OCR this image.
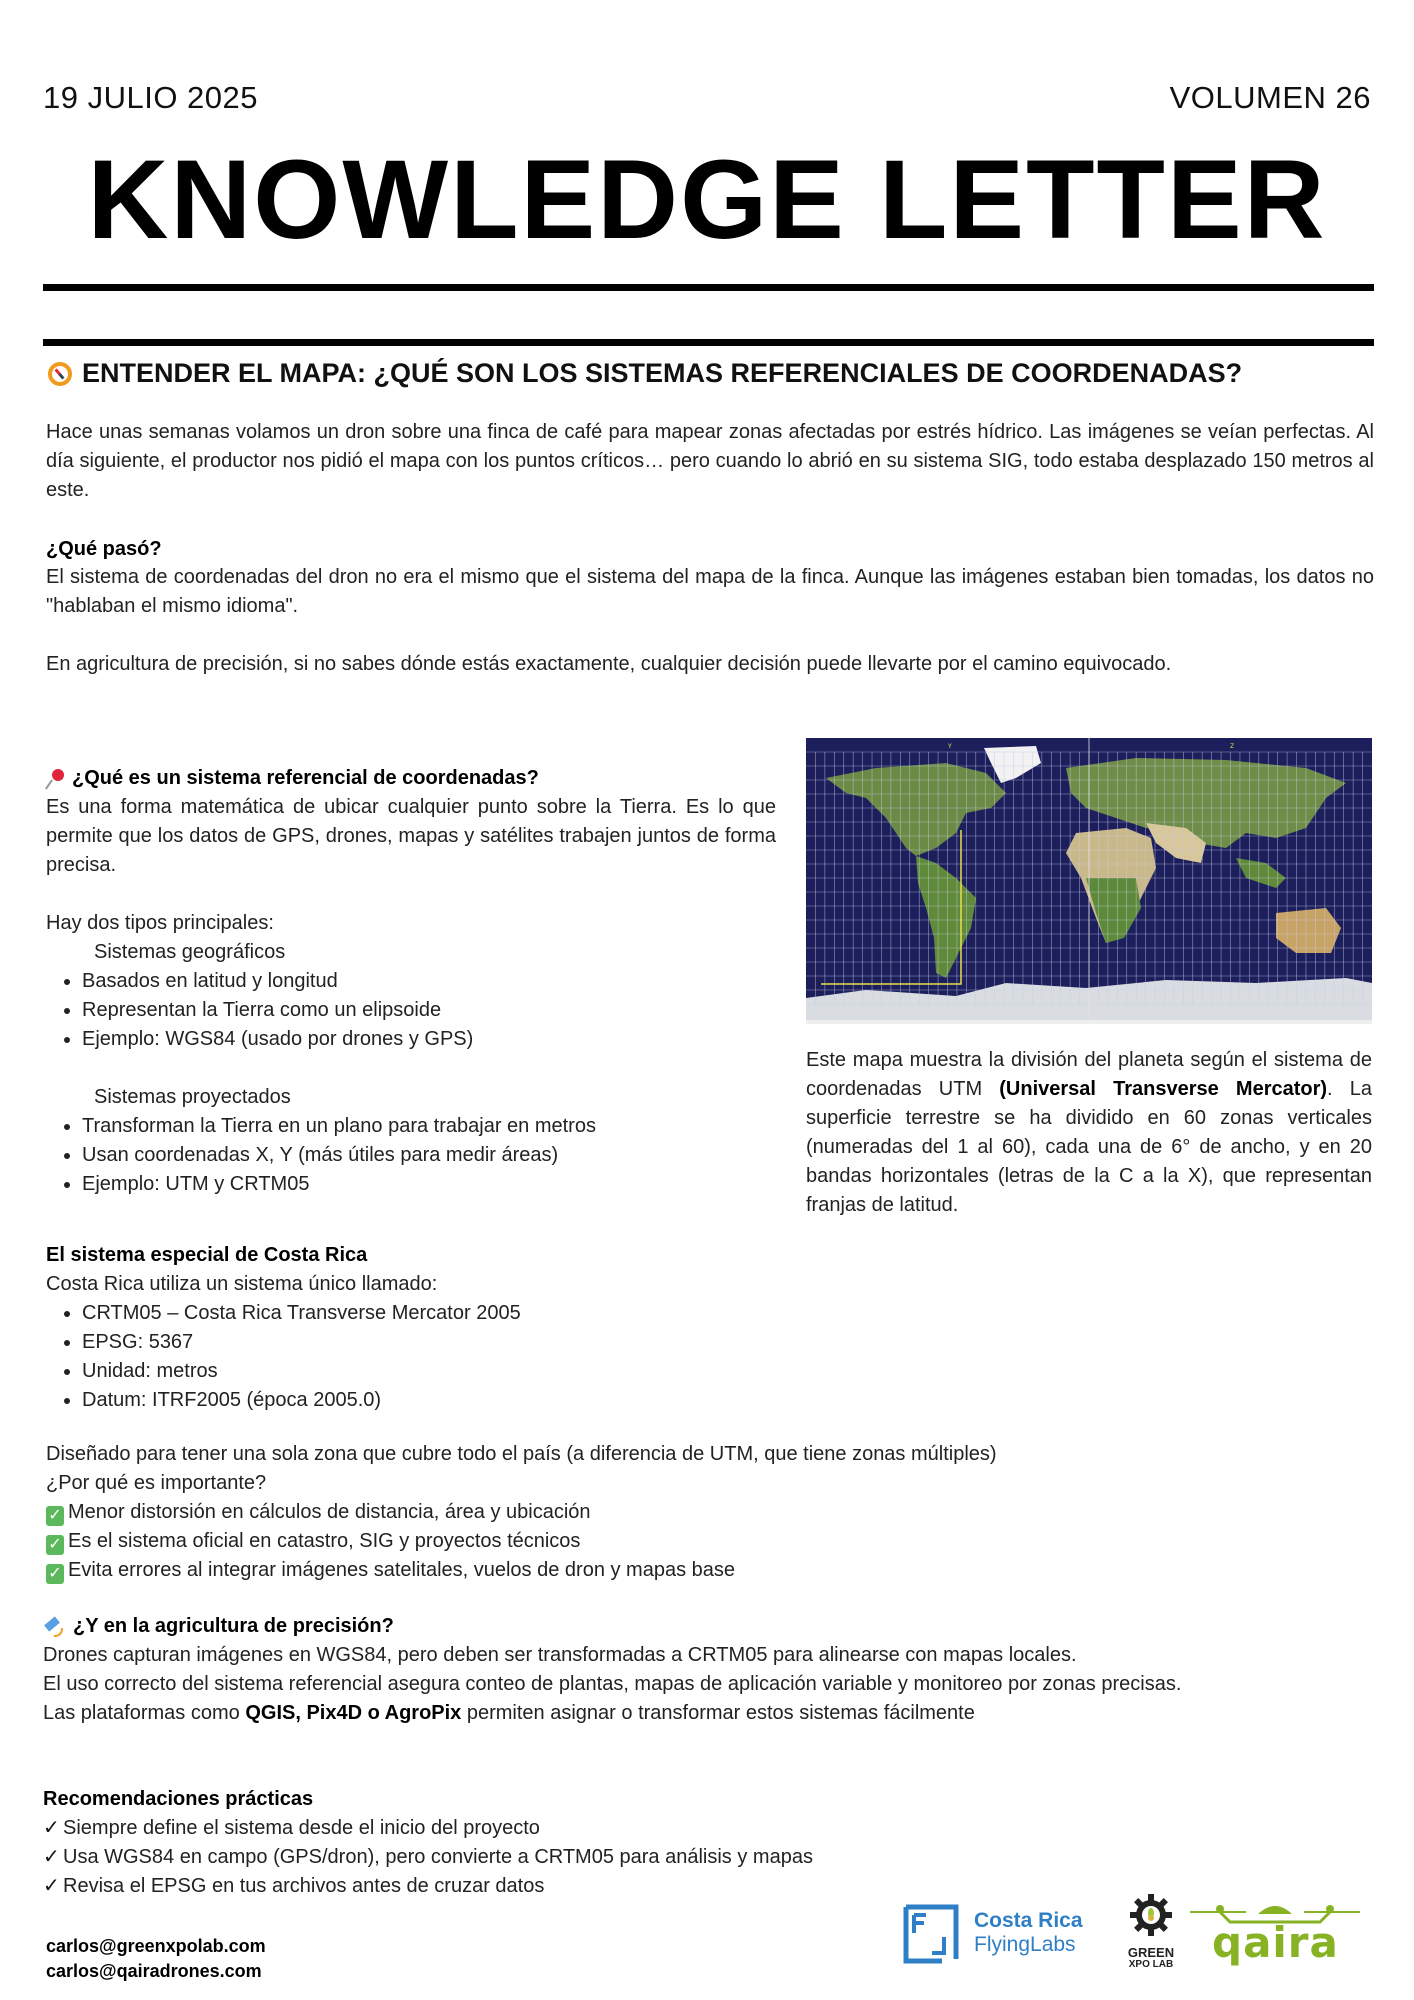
19 JULIO 2025	VOLUMEN 26
KNOWLEDGE LETTER
ENTENDER EL MAPA: ¿QUÉ SON LOS SISTEMAS REFERENCIALES DE COORDENADAS?
Hace unas semanas volamos un dron sobre una finca de café para mapear zonas afectadas por estrés hídrico. Las imágenes se veían perfectas. Al día siguiente, el productor nos pidió el mapa con los puntos críticos… pero cuando lo abrió en su sistema SIG, todo estaba desplazado 150 metros al este.
¿Qué pasó?
El sistema de coordenadas del dron no era el mismo que el sistema del mapa de la finca. Aunque las imágenes estaban bien tomadas, los datos no "hablaban el mismo idioma".
En agricultura de precisión, si no sabes dónde estás exactamente, cualquier decisión puede llevarte por el camino equivocado.
¿Qué es un sistema referencial de coordenadas?
Es una forma matemática de ubicar cualquier punto sobre la Tierra. Es lo que permite que los datos de GPS, drones, mapas y satélites trabajen juntos de forma precisa.
Hay dos tipos principales:
Sistemas geográficos
• Basados en latitud y longitud
• Representan la Tierra como un elipsoide
• Ejemplo: WGS84 (usado por drones y GPS)
Sistemas proyectados
• Transforman la Tierra en un plano para trabajar en metros
• Usan coordenadas X, Y (más útiles para medir áreas)
• Ejemplo: UTM y CRTM05
Y	Z
Este mapa muestra la división del planeta según el sistema de coordenadas UTM (Universal Transverse Mercator). La superficie terrestre se ha dividido en 60 zonas verticales (numeradas del 1 al 60), cada una de 6° de ancho, y en 20 bandas horizontales (letras de la C a la X), que representan franjas de latitud.
El sistema especial de Costa Rica
Costa Rica utiliza un sistema único llamado:
• CRTM05 – Costa Rica Transverse Mercator 2005
• EPSG: 5367
• Unidad: metros
• Datum: ITRF2005 (época 2005.0)
Diseñado para tener una sola zona que cubre todo el país (a diferencia de UTM, que tiene zonas múltiples)
¿Por qué es importante?
✓ Menor distorsión en cálculos de distancia, área y ubicación
✓ Es el sistema oficial en catastro, SIG y proyectos técnicos
✓ Evita errores al integrar imágenes satelitales, vuelos de dron y mapas base
¿Y en la agricultura de precisión?
Drones capturan imágenes en WGS84, pero deben ser transformadas a CRTM05 para alinearse con mapas locales.
El uso correcto del sistema referencial asegura conteo de plantas, mapas de aplicación variable y monitoreo por zonas precisas.
Las plataformas como QGIS, Pix4D o AgroPix permiten asignar o transformar estos sistemas fácilmente
Recomendaciones prácticas
✓ Siempre define el sistema desde el inicio del proyecto
✓ Usa WGS84 en campo (GPS/dron), pero convierte a CRTM05 para análisis y mapas
✓ Revisa el EPSG en tus archivos antes de cruzar datos
carlos@greenxpolab.com
carlos@qairadrones.com
Costa Rica
FlyingLabs	GREEN
XPO LAB qaira
